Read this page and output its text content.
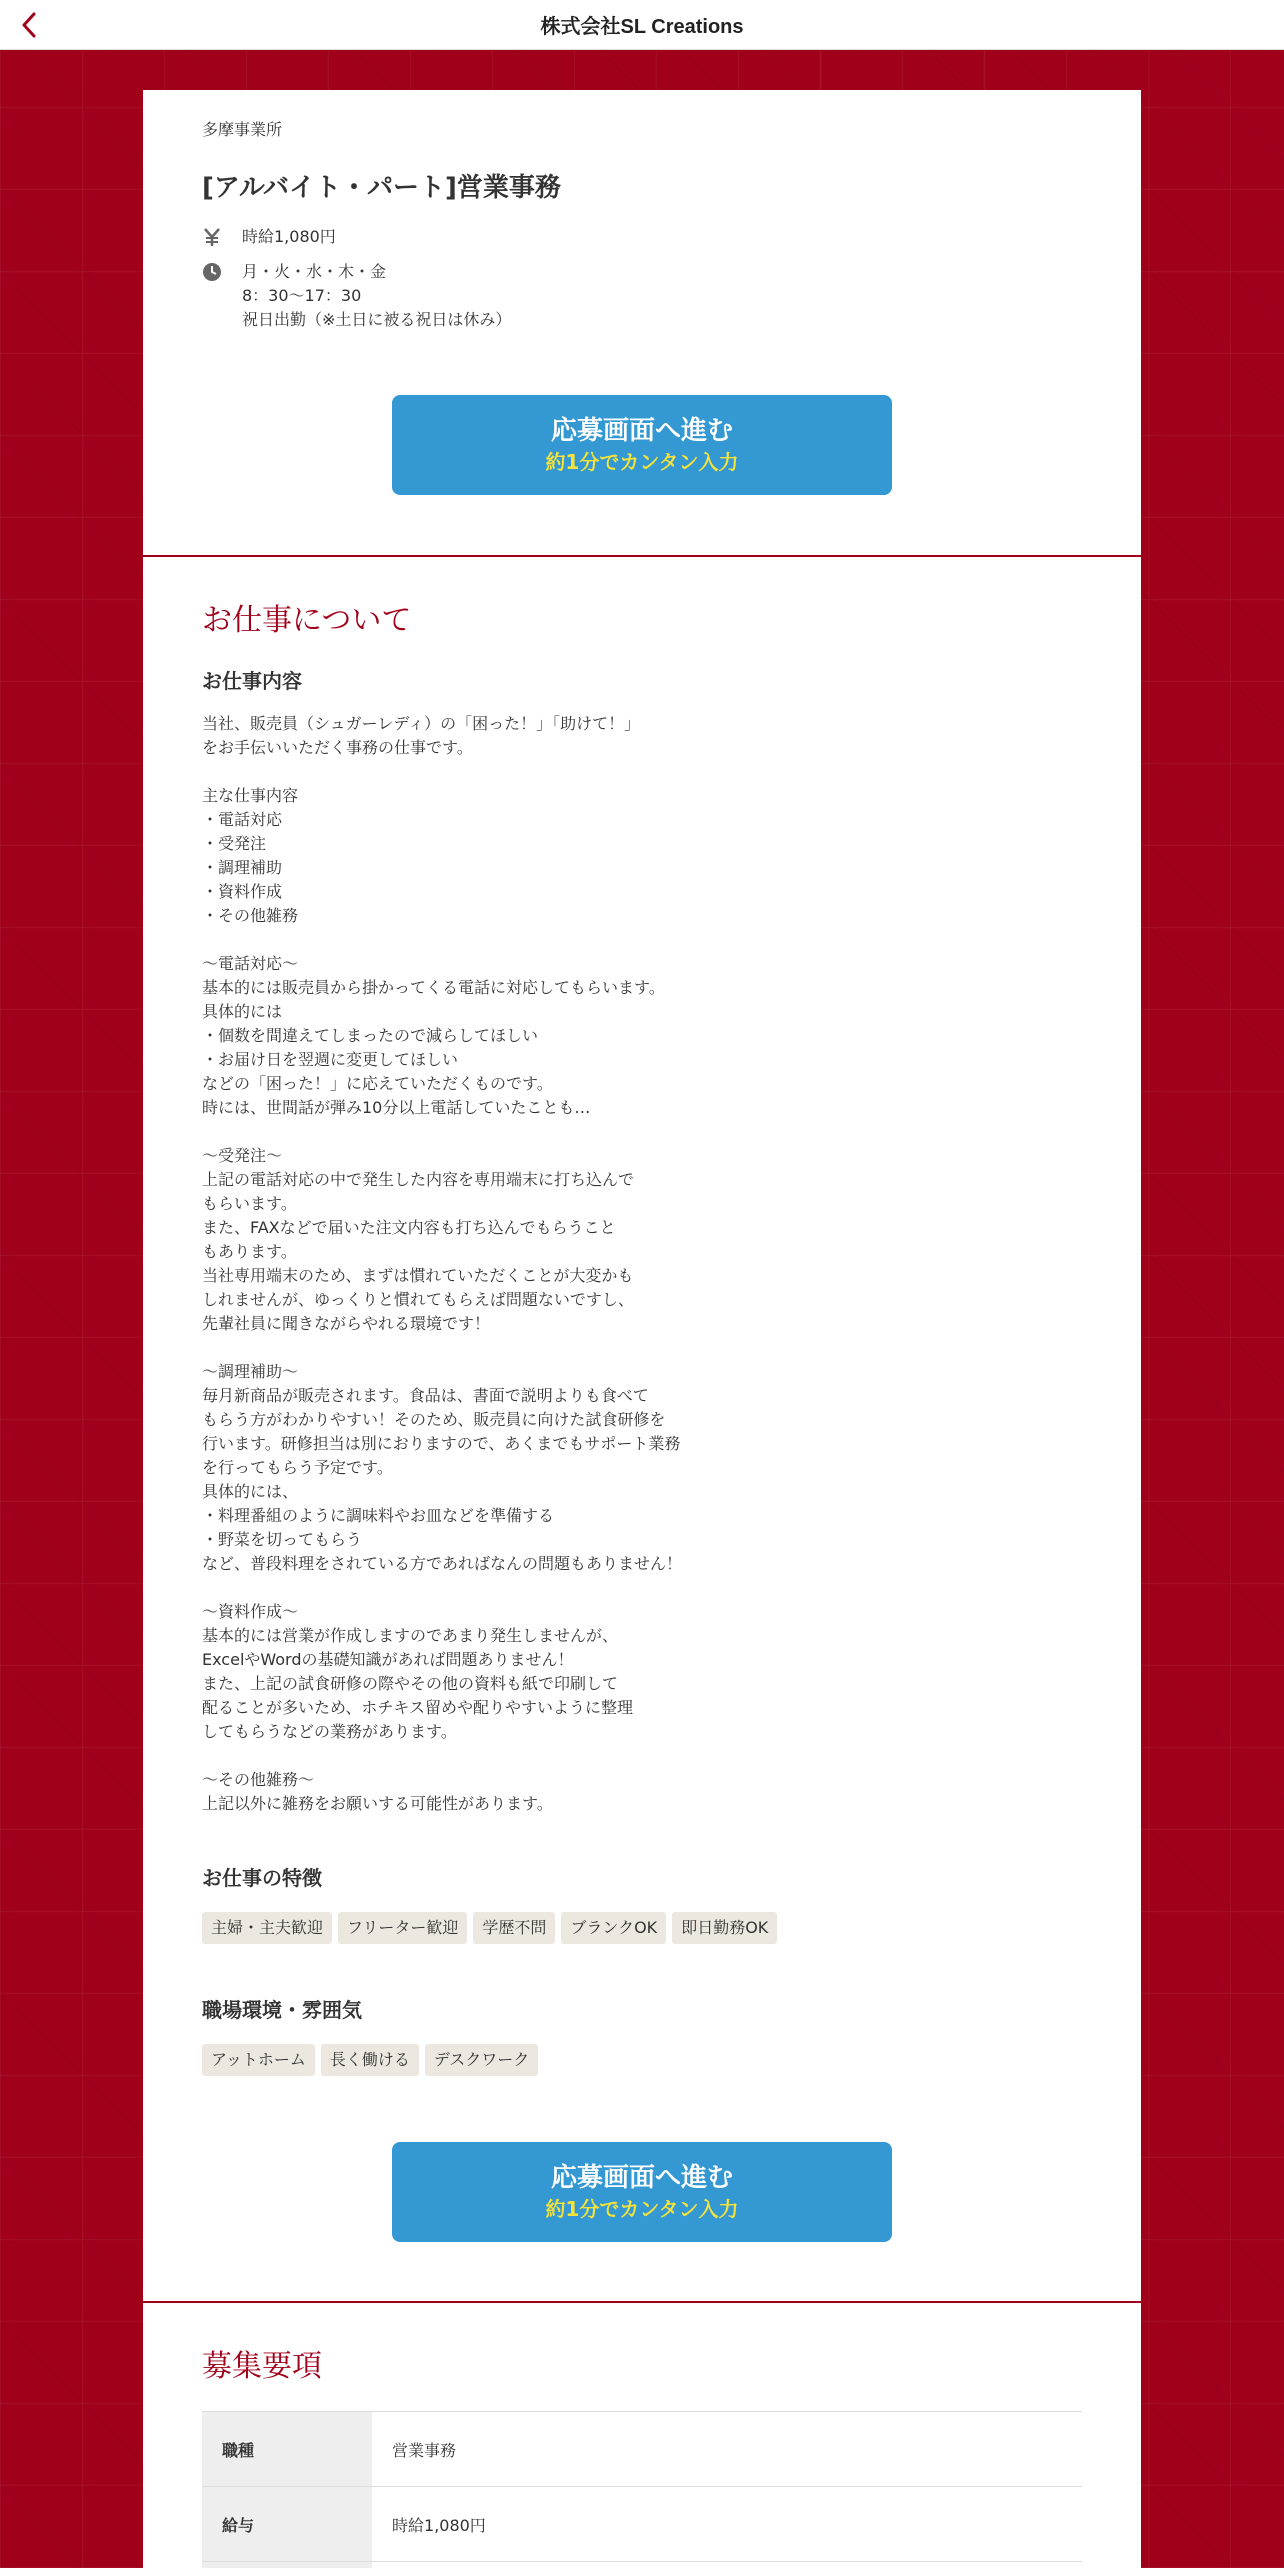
株式会社SL Creations
多摩事業所
[アルバイト・パート]営業事務
時給1,080円
月・火・水・木・金
8：30～17：30
祝日出勤（※土日に被る祝日は休み）
応募画面へ進む
約1分でカンタン入力
お仕事について
お仕事内容
当社、販売員（シュガーレディ）の「困った！」「助けて！」
をお手伝いいただく事務の仕事です。

主な仕事内容
・電話対応
・受発注
・調理補助
・資料作成
・その他雑務

～電話対応～
基本的には販売員から掛かってくる電話に対応してもらいます。
具体的には
・個数を間違えてしまったので減らしてほしい
・お届け日を翌週に変更してほしい
などの「困った！」に応えていただくものです。
時には、世間話が弾み10分以上電話していたことも…

～受発注～
上記の電話対応の中で発生した内容を専用端末に打ち込んで
もらいます。
また、FAXなどで届いた注文内容も打ち込んでもらうこと
もあります。
当社専用端末のため、まずは慣れていただくことが大変かも
しれませんが、ゆっくりと慣れてもらえば問題ないですし、
先輩社員に聞きながらやれる環境です！

～調理補助～
毎月新商品が販売されます。食品は、書面で説明よりも食べて
もらう方がわかりやすい！そのため、販売員に向けた試食研修を
行います。研修担当は別におりますので、あくまでもサポート業務
を行ってもらう予定です。
具体的には、
・料理番組のように調味料やお皿などを準備する
・野菜を切ってもらう
など、普段料理をされている方であればなんの問題もありません！

～資料作成～
基本的には営業が作成しますのであまり発生しませんが、
ExcelやWordの基礎知識があれば問題ありません！
また、上記の試食研修の際やその他の資料も紙で印刷して
配ることが多いため、ホチキス留めや配りやすいように整理
してもらうなどの業務があります。

～その他雑務～
上記以外に雑務をお願いする可能性があります。
お仕事の特徴
主婦・主夫歓迎	フリーター歓迎	学歴不問	ブランクOK	即日勤務OK
職場環境・雰囲気
アットホーム	長く働ける	デスクワーク
応募画面へ進む
約1分でカンタン入力
募集要項
職種	営業事務
給与	時給1,080円
